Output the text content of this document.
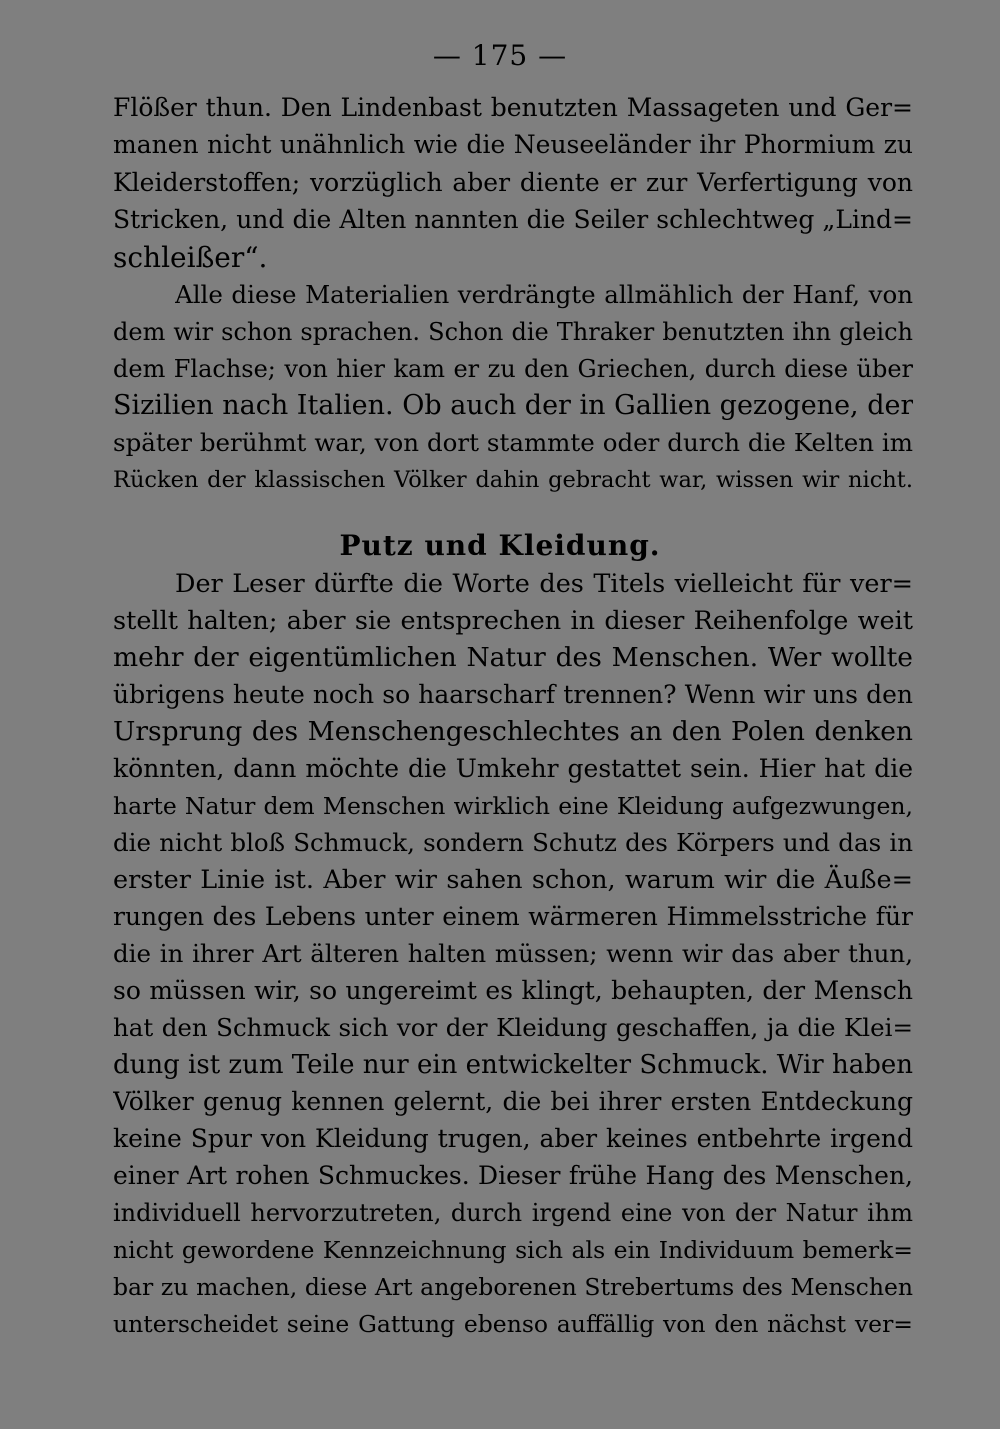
— 175 —
Flößer thun. Den Lindenbast benutzten Massageten und Ger=
manen nicht unähnlich wie die Neuseeländer ihr Phormium zu
Kleiderstoffen; vorzüglich aber diente er zur Verfertigung von
Stricken, und die Alten nannten die Seiler schlechtweg „Lind=
schleißer“.
Alle diese Materialien verdrängte allmählich der Hanf, von
dem wir schon sprachen. Schon die Thraker benutzten ihn gleich
dem Flachse; von hier kam er zu den Griechen, durch diese über
Sizilien nach Italien. Ob auch der in Gallien gezogene, der
später berühmt war, von dort stammte oder durch die Kelten im
Rücken der klassischen Völker dahin gebracht war, wissen wir nicht.
Putz und Kleidung.
Der Leser dürfte die Worte des Titels vielleicht für ver=
stellt halten; aber sie entsprechen in dieser Reihenfolge weit
mehr der eigentümlichen Natur des Menschen. Wer wollte
übrigens heute noch so haarscharf trennen? Wenn wir uns den
Ursprung des Menschengeschlechtes an den Polen denken
könnten, dann möchte die Umkehr gestattet sein. Hier hat die
harte Natur dem Menschen wirklich eine Kleidung aufgezwungen,
die nicht bloß Schmuck, sondern Schutz des Körpers und das in
erster Linie ist. Aber wir sahen schon, warum wir die Äuße=
rungen des Lebens unter einem wärmeren Himmelsstriche für
die in ihrer Art älteren halten müssen; wenn wir das aber thun,
so müssen wir, so ungereimt es klingt, behaupten, der Mensch
hat den Schmuck sich vor der Kleidung geschaffen, ja die Klei=
dung ist zum Teile nur ein entwickelter Schmuck. Wir haben
Völker genug kennen gelernt, die bei ihrer ersten Entdeckung
keine Spur von Kleidung trugen, aber keines entbehrte irgend
einer Art rohen Schmuckes. Dieser frühe Hang des Menschen,
individuell hervorzutreten, durch irgend eine von der Natur ihm
nicht gewordene Kennzeichnung sich als ein Individuum bemerk=
bar zu machen, diese Art angeborenen Strebertums des Menschen
unterscheidet seine Gattung ebenso auffällig von den nächst ver=
